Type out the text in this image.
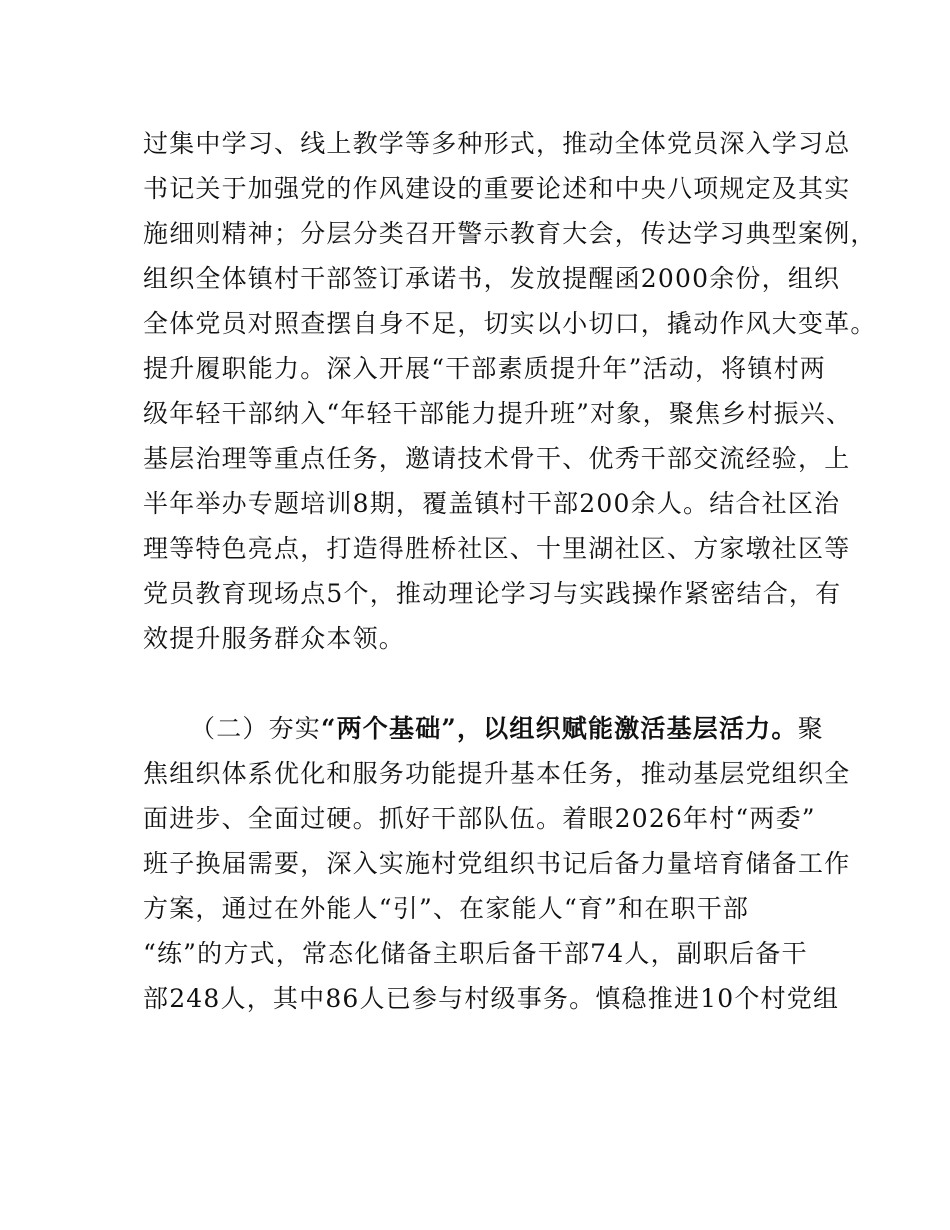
过集中学习、线上教学等多种形式，推动全体党员深入学习总
书记关于加强党的作风建设的重要论述和中央八项规定及其实
施细则精神；分层分类召开警示教育大会，传达学习典型案例，
组织全体镇村干部签订承诺书，发放提醒函2000余份，组织
全体党员对照查摆自身不足，切实以小切口，撬动作风大变革。
提升履职能力。深入开展“干部素质提升年”活动，将镇村两
级年轻干部纳入“年轻干部能力提升班”对象，聚焦乡村振兴、
基层治理等重点任务，邀请技术骨干、优秀干部交流经验，上
半年举办专题培训8期，覆盖镇村干部200余人。结合社区治
理等特色亮点，打造得胜桥社区、十里湖社区、方家墩社区等
党员教育现场点5个，推动理论学习与实践操作紧密结合，有
效提升服务群众本领。
（二）夯实“两个基础”，以组织赋能激活基层活力。聚
焦组织体系优化和服务功能提升基本任务，推动基层党组织全
面进步、全面过硬。抓好干部队伍。着眼2026年村“两委”
班子换届需要，深入实施村党组织书记后备力量培育储备工作
方案，通过在外能人“引”、在家能人“育”和在职干部
“练”的方式，常态化储备主职后备干部74人，副职后备干
部248人，其中86人已参与村级事务。慎稳推进10个村党组
